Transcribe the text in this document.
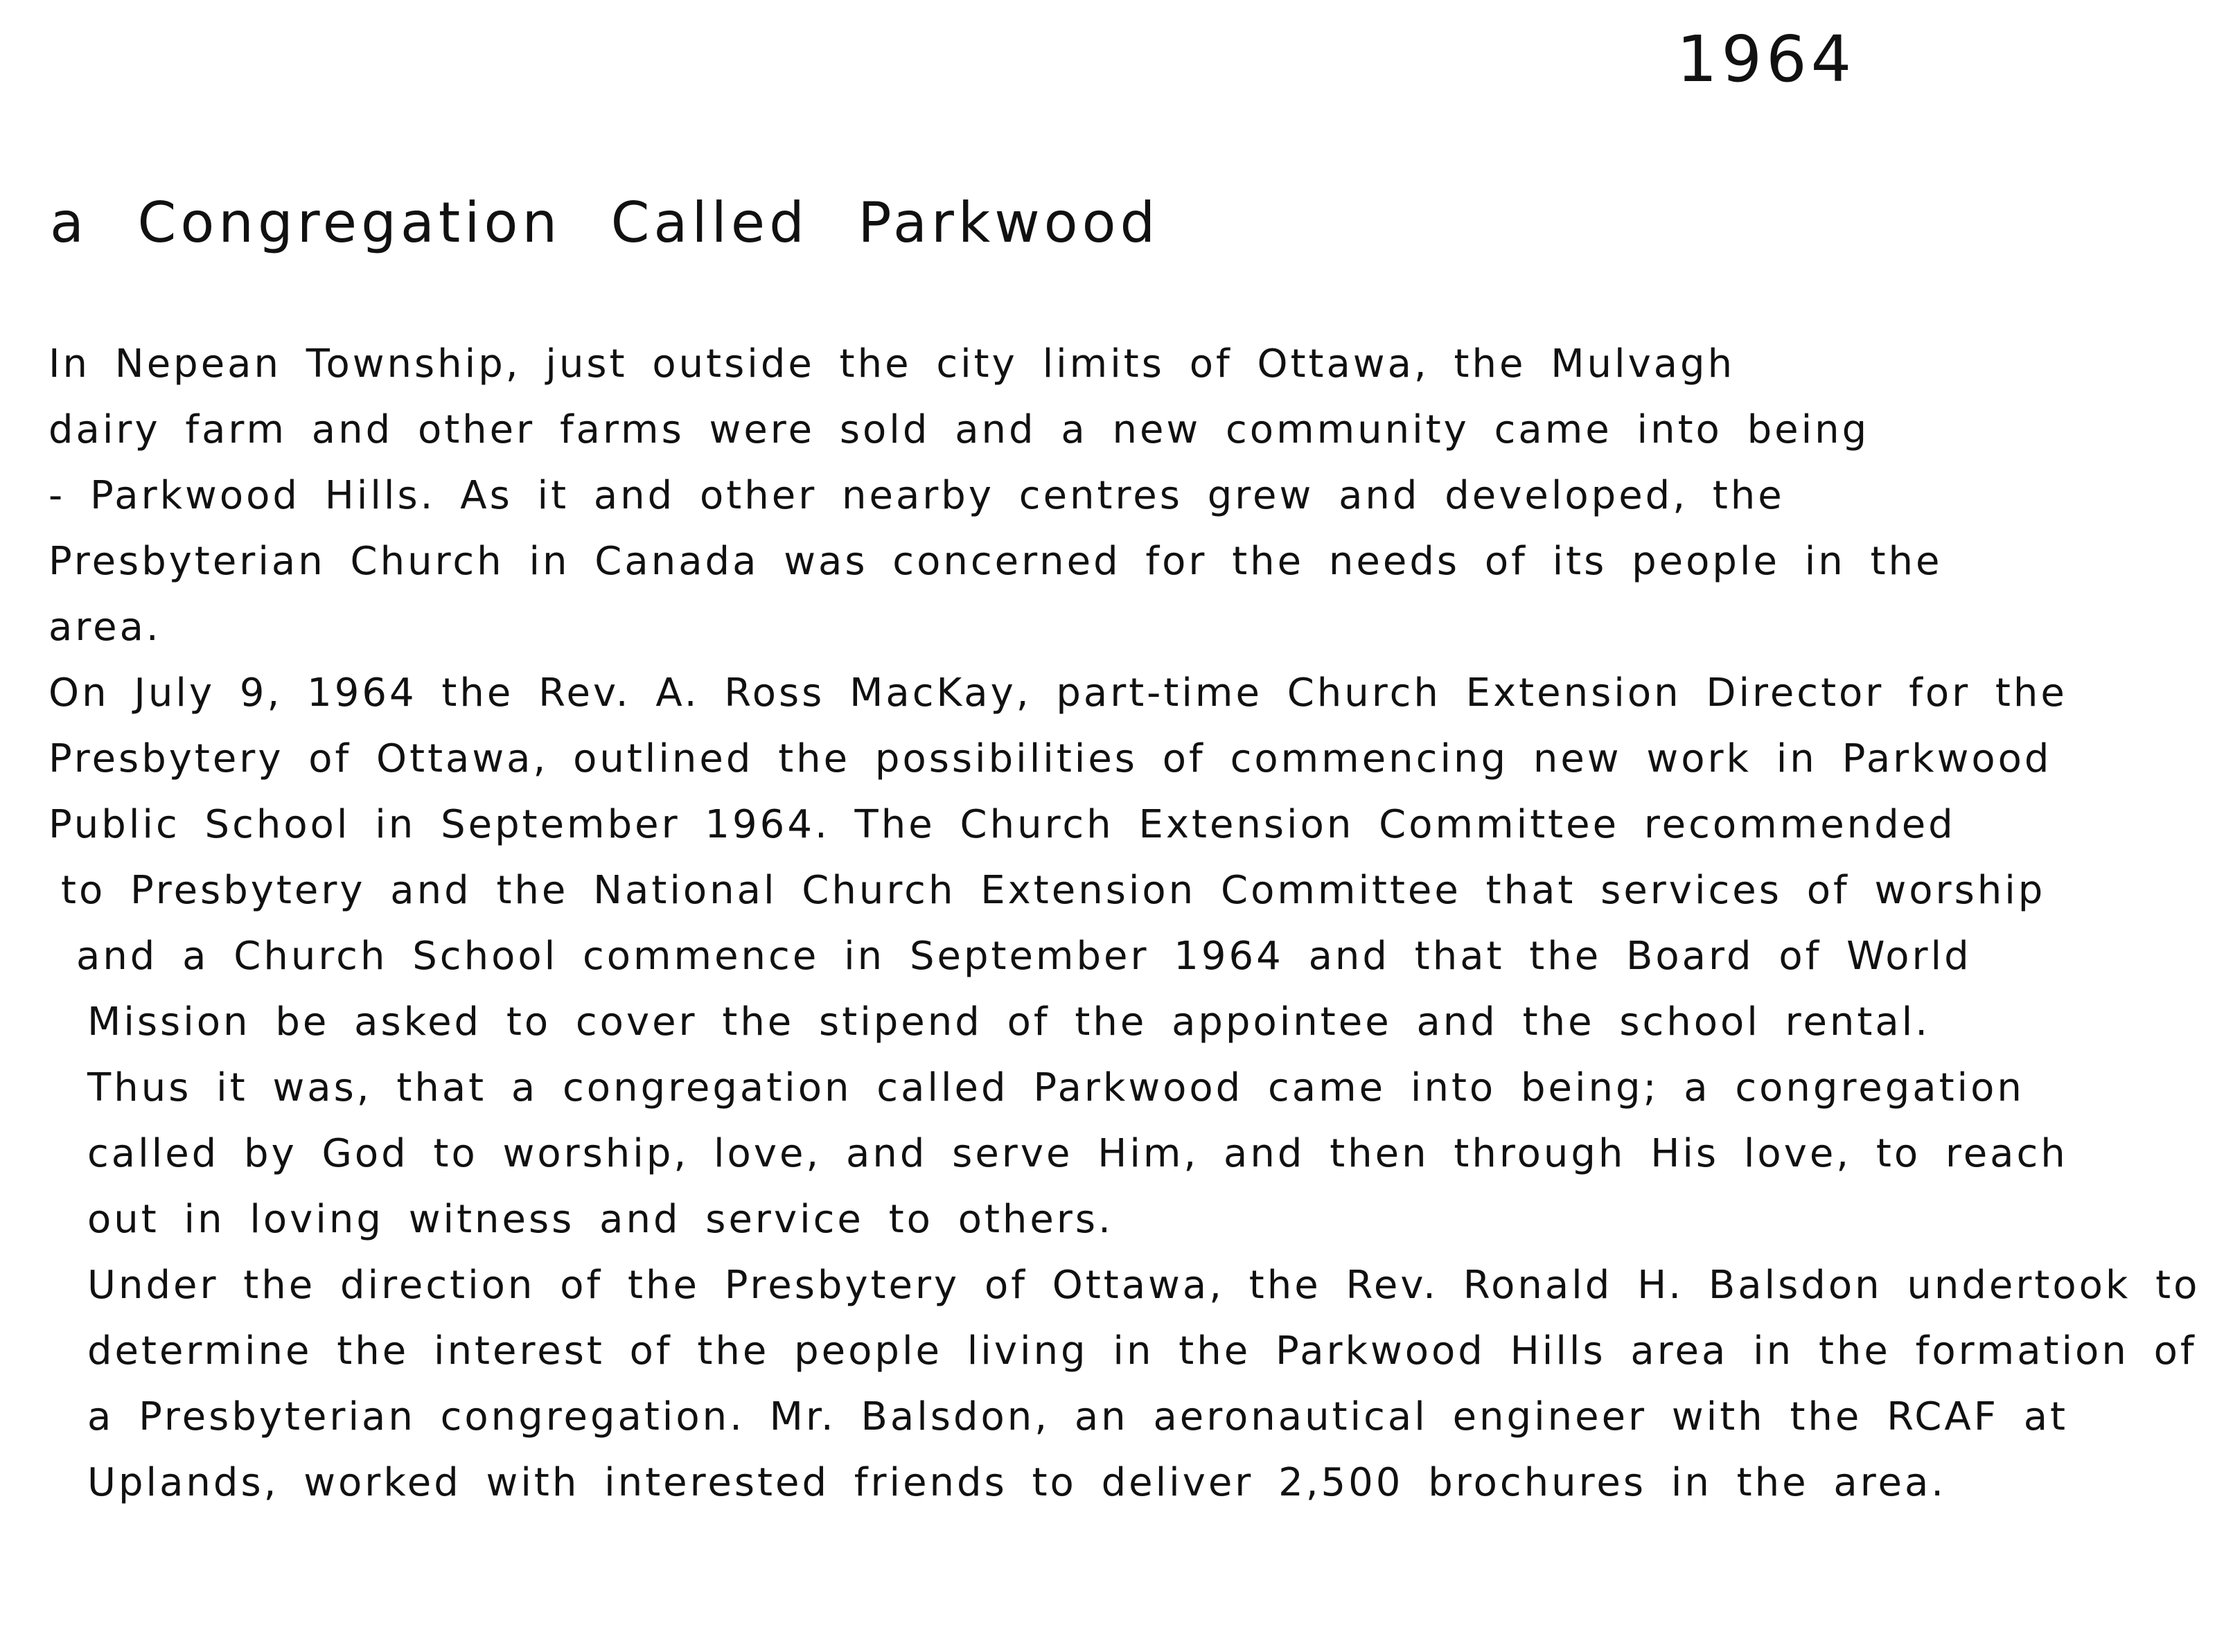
1964
a Congregation Called Parkwood
In Nepean Township, just outside the city limits of Ottawa, the Mulvagh
dairy farm and other farms were sold and a new community came into being
- Parkwood Hills. As it and other nearby centres grew and developed, the
Presbyterian Church in Canada was concerned for the needs of its people in the
area.
On July 9, 1964 the Rev. A. Ross MacKay, part-time Church Extension Director for the
Presbytery of Ottawa, outlined the possibilities of commencing new work in Parkwood
Public School in September 1964. The Church Extension Committee recommended
to Presbytery and the National Church Extension Committee that services of worship
and a Church School commence in September 1964 and that the Board of World
Mission be asked to cover the stipend of the appointee and the school rental.
Thus it was, that a congregation called Parkwood came into being; a congregation
called by God to worship, love, and serve Him, and then through His love, to reach
out in loving witness and service to others.
Under the direction of the Presbytery of Ottawa, the Rev. Ronald H. Balsdon undertook to
determine the interest of the people living in the Parkwood Hills area in the formation of
a Presbyterian congregation. Mr. Balsdon, an aeronautical engineer with the RCAF at
Uplands, worked with interested friends to deliver 2,500 brochures in the area.
